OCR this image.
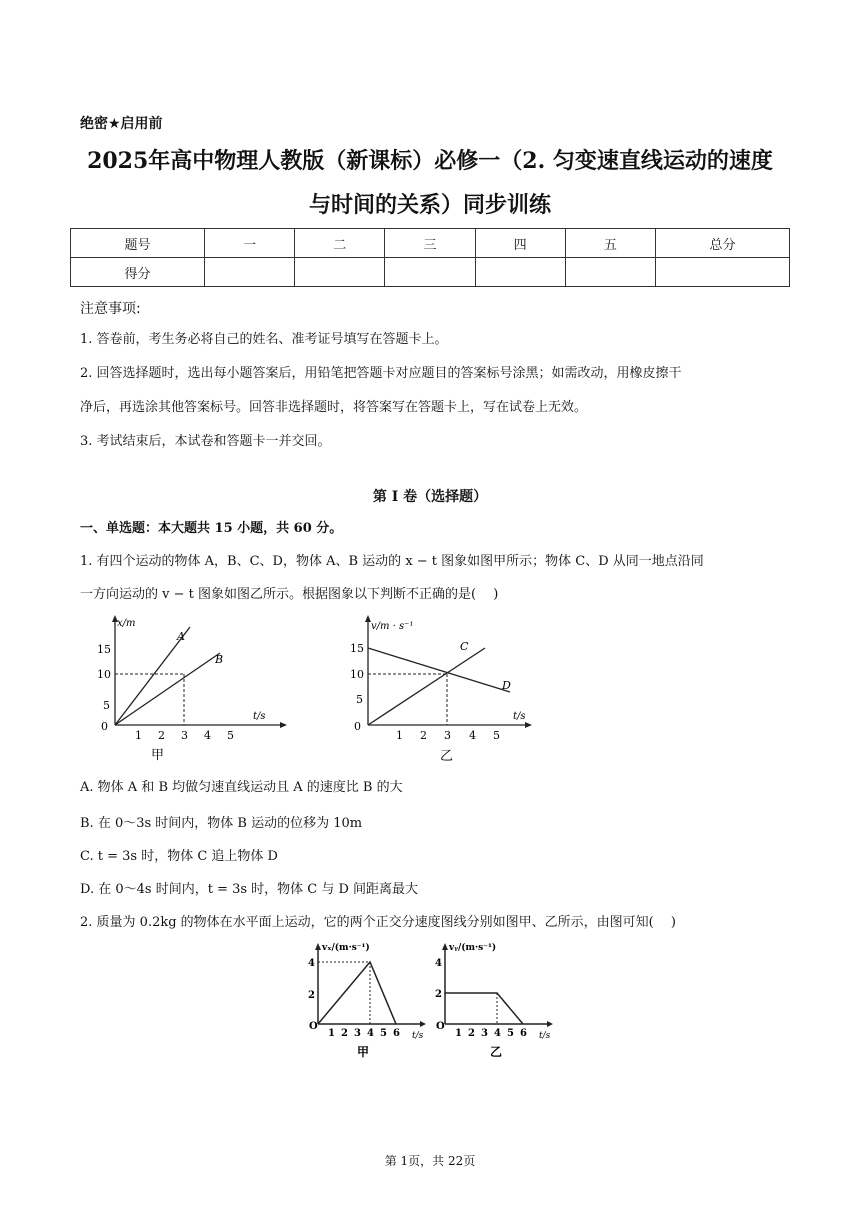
绝密★启用前
2025年高中物理人教版（新课标）必修一（2. 匀变速直线运动的速度
与时间的关系）同步训练
题号	一	二	三	四	五	总分
得分						
注意事项:
1. 答卷前，考生务必将自己的姓名、准考证号填写在答题卡上。
2. 回答选择题时，选出每小题答案后，用铅笔把答题卡对应题目的答案标号涂黑；如需改动，用橡皮擦干
净后，再选涂其他答案标号。回答非选择题时，将答案写在答题卡上，写在试卷上无效。
3. 考试结束后，本试卷和答题卡一并交回。
第 I 卷（选择题）
一、单选题：本大题共 15 小题，共 60 分。
1. 有四个运动的物体 A，B、C、D，物体 A、B 运动的 x − t 图象如图甲所示；物体 C、D 从同一地点沿同
一方向运动的 v − t 图象如图乙所示。根据图象以下判断不正确的是(　 )
x/m
t/s
A
B
0
5
10
15
1 2 3 4 5
甲
v/m · s⁻¹
t/s
C
D
0
5
10
15
1 2 3 4 5
乙
A. 物体 A 和 B 均做匀速直线运动且 A 的速度比 B 的大
B. 在 0～3s 时间内，物体 B 运动的位移为 10m
C. t = 3s 时，物体 C 追上物体 D
D. 在 0～4s 时间内，t = 3s 时，物体 C 与 D 间距离最大
2. 质量为 0.2kg 的物体在水平面上运动，它的两个正交分速度图线分别如图甲、乙所示，由图可知(　 )
vₓ/(m·s⁻¹)
t/s
O
2
4
1 2 3 4 5 6
甲
vᵧ/(m·s⁻¹)
t/s
O
2
4
1 2 3 4 5 6
乙
第 1页，共 22页
